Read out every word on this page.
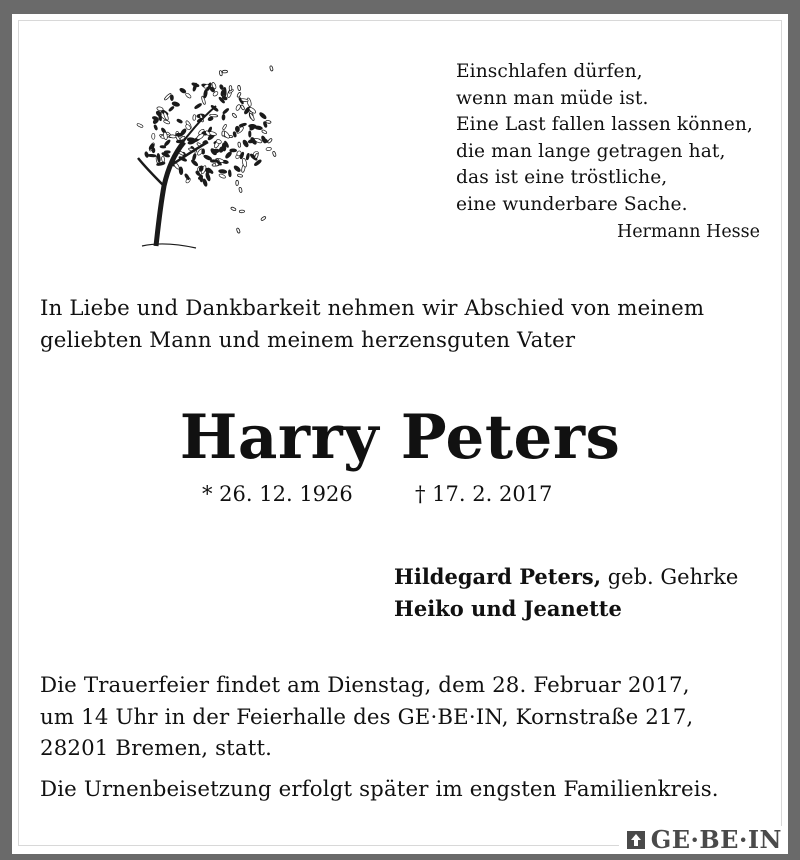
Einschlafen dürfen,
wenn man müde ist.
Eine Last fallen lassen können,
die man lange getragen hat,
das ist eine tröstliche,
eine wunderbare Sache.
Hermann Hesse
In Liebe und Dankbarkeit nehmen wir Abschied von meinem
geliebten Mann und meinem herzensguten Vater
Harry Peters
* 26. 12. 1926	† 17. 2. 2017
Hildegard Peters, geb. Gehrke
Heiko und Jeanette
Die Trauerfeier findet am Dienstag, dem 28. Februar 2017,
um 14 Uhr in der Feierhalle des GE·BE·IN, Kornstraße 217,
28201 Bremen, statt.
Die Urnenbeisetzung erfolgt später im engsten Familienkreis.
GE·BE·IN
